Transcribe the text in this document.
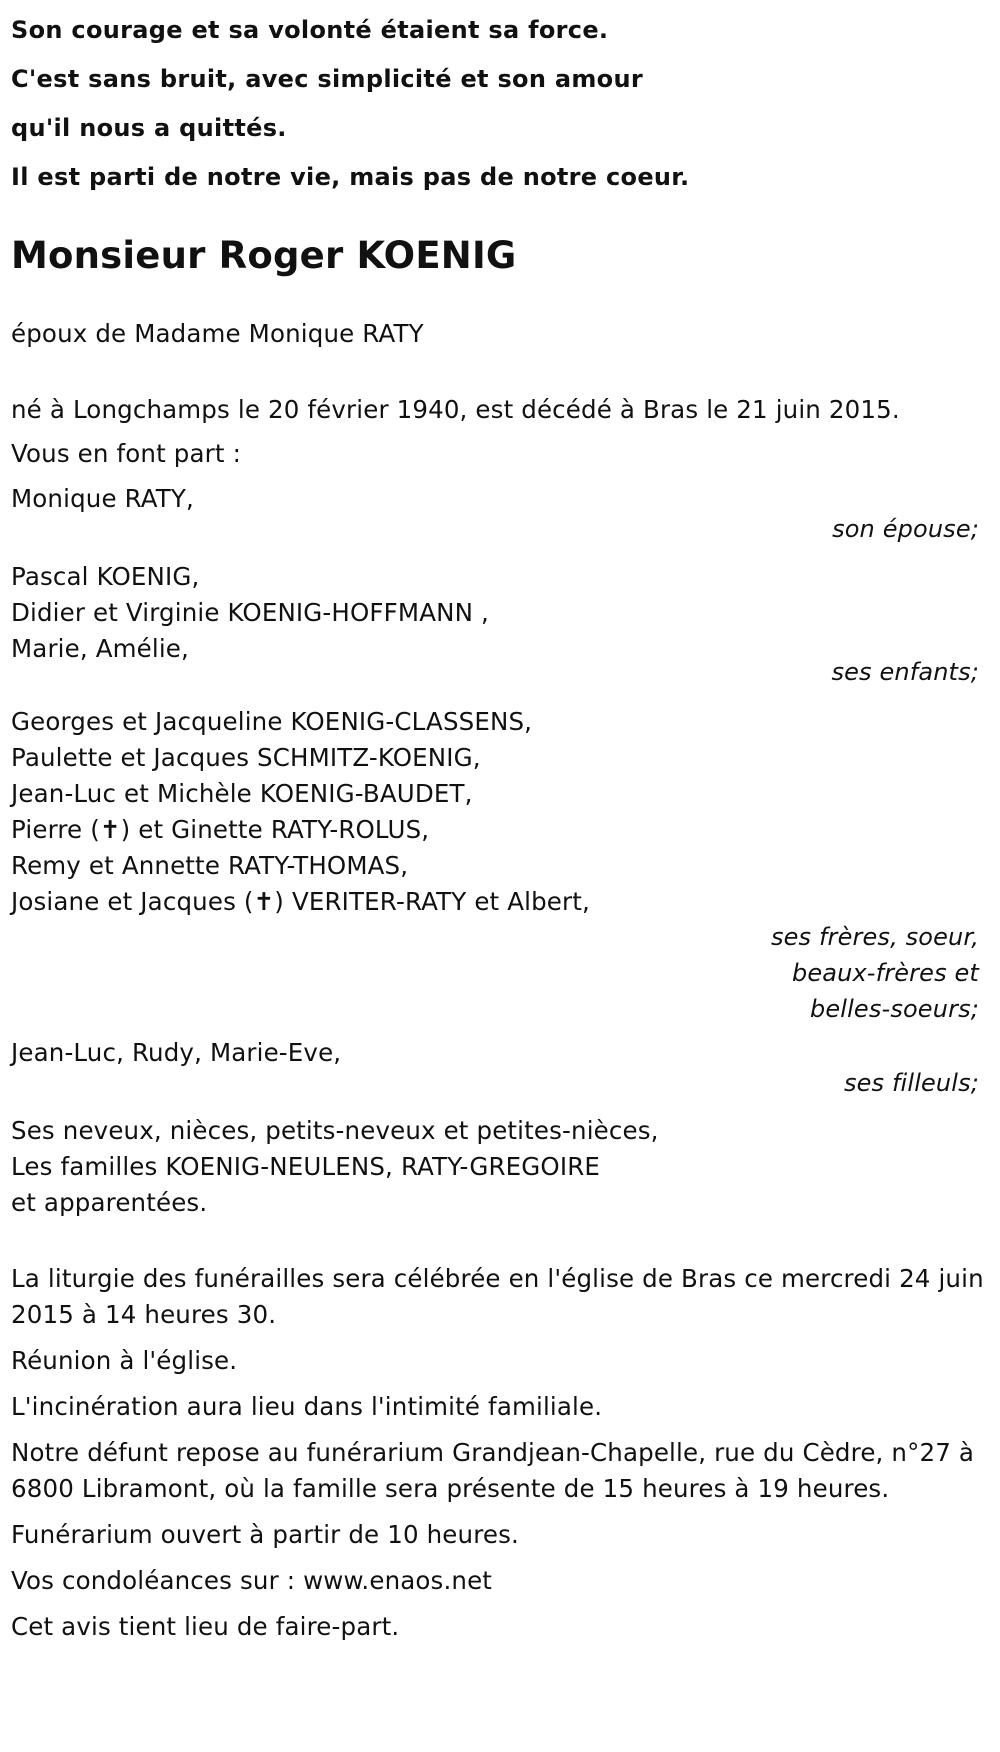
Son courage et sa volonté étaient sa force.

C'est sans bruit, avec simplicité et son amour

qu'il nous a quittés.

Il est parti de notre vie, mais pas de notre coeur.

Monsieur Roger KOENIG
époux de Madame Monique RATY
né à Longchamps le 20 février 1940, est décédé à Bras le 21 juin 2015.
Vous en font part :

Monique RATY,

son épouse;

Pascal KOENIG,

Didier et Virginie KOENIG-HOFFMANN ,

Marie, Amélie,

ses enfants;

Georges et Jacqueline KOENIG-CLASSENS,

Paulette et Jacques SCHMITZ-KOENIG,

Jean-Luc et Michèle KOENIG-BAUDET,

Pierre (✝) et Ginette RATY-ROLUS,

Remy et Annette RATY-THOMAS,

Josiane et Jacques (✝) VERITER-RATY et Albert,

ses frères, soeur,
beaux-frères et
belles-soeurs;

Jean-Luc, Rudy, Marie-Eve,

ses filleuls;

Ses neveux, nièces, petits-neveux et petites-nièces,

Les familles KOENIG-NEULENS, RATY-GREGOIRE

et apparentées.

La liturgie des funérailles sera célébrée en l'église de Bras ce mercredi 24 juin 2015 à 14 heures 30.

Réunion à l'église.

L'incinération aura lieu dans l'intimité familiale.

Notre défunt repose au funérarium Grandjean-Chapelle, rue du Cèdre, n°27 à 6800 Libramont, où la famille sera présente de 15 heures à 19 heures.

Funérarium ouvert à partir de 10 heures.

Vos condoléances sur : www.enaos.net

Cet avis tient lieu de faire-part.
